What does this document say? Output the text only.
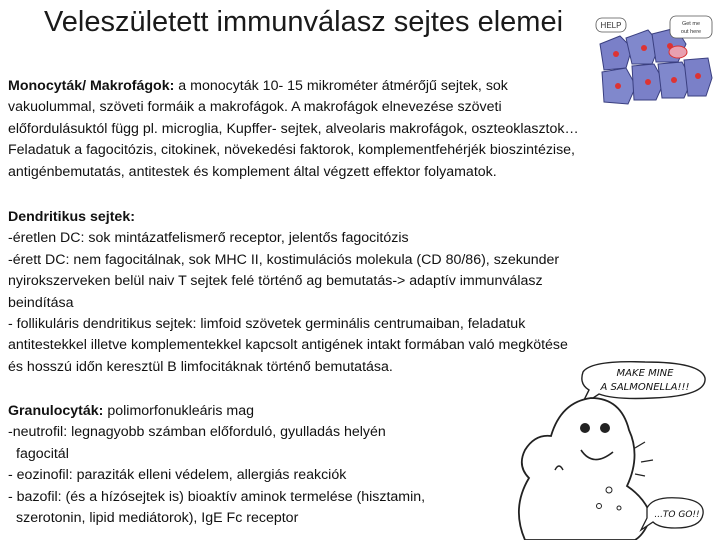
Veleszületett immunválasz sejtes elemei	HELP	Get me
out here

Monocyták/ Makrofágok: a monocyták 10- 15 mikrométer átmérőjű sejtek, sok

vakuolummal, szöveti formáik a makrofágok. A makrofágok elnevezése szöveti

előfordulásuktól függ pl. microglia, Kupffer- sejtek, alveolaris makrofágok, oszteoklasztok…

Feladatuk a fagocitózis, citokinek, növekedési faktorok, komplementfehérjék bioszintézise,

antigénbemutatás, antitestek és komplement által végzett effektor folyamatok.

Dendritikus sejtek:

-éretlen DC: sok mintázatfelismerő receptor, jelentős fagocitózis

-érett DC: nem fagocitálnak, sok MHC II, kostimulációs molekula (CD 80/86), szekunder

nyirokszerveken belül naiv T sejtek felé történő ag bemutatás-> adaptív immunválasz

beindítása

- follikuláris dendritikus sejtek: limfoid szövetek germinális centrumaiban, feladatuk

antitestekkel illetve komplementekkel kapcsolt antigének intakt formában való megkötése

és hosszú időn keresztül B limfocitáknak történő bemutatása.

Granulocyták: polimorfonukleáris mag

-neutrofil: legnagyobb számban előforduló, gyulladás helyén

fagocitál

- eozinofil: paraziták elleni védelem, allergiás reakciók

- bazofil: (és a hízósejtek is) bioaktív aminok termelése (hisztamin,

szerotonin, lipid mediátorok), IgE Fc receptor

MAKE MINE
A SALMONELLA!!!
...TO GO!!
